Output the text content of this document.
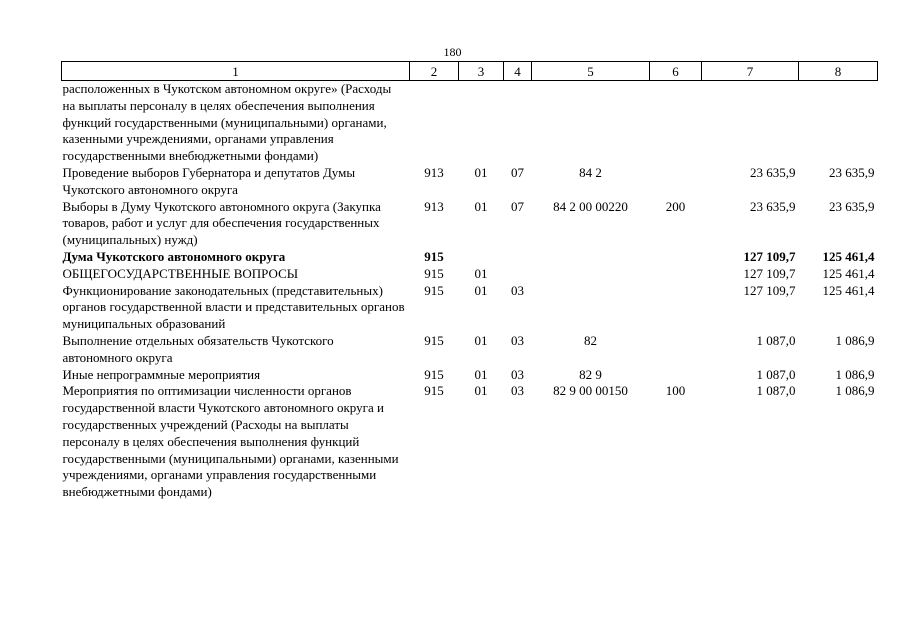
180
1	2	3	4	5	6	7	8
расположенных в Чукотском автономном округе» (Расходы на выплаты персоналу в целях обеспечения выполнения функций государственными (муниципальными) органами, казенными учреждениями, органами управления государственными внебюджетными фондами)							
Проведение выборов Губернатора и депутатов Думы Чукотского автономного округа	913	01	07	84 2		23 635,9	23 635,9
Выборы в Думу Чукотского автономного округа (Закупка товаров, работ и услуг для обеспечения государственных (муниципальных) нужд)	913	01	07	84 2 00 00220	200	23 635,9	23 635,9
Дума Чукотского автономного округа	915					127 109,7	125 461,4
ОБЩЕГОСУДАРСТВЕННЫЕ ВОПРОСЫ	915	01				127 109,7	125 461,4
Функционирование законодательных (представительных) органов государственной власти и представительных органов муниципальных образований	915	01	03			127 109,7	125 461,4
Выполнение отдельных обязательств Чукотского автономного округа	915	01	03	82		1 087,0	1 086,9
Иные непрограммные мероприятия	915	01	03	82 9		1 087,0	1 086,9
Мероприятия по оптимизации численности органов государственной власти Чукотского автономного округа и государственных учреждений (Расходы на выплаты персоналу в целях обеспечения выполнения функций государственными (муниципальными) органами, казенными учреждениями, органами управления государственными внебюджетными фондами)	915	01	03	82 9 00 00150	100	1 087,0	1 086,9
